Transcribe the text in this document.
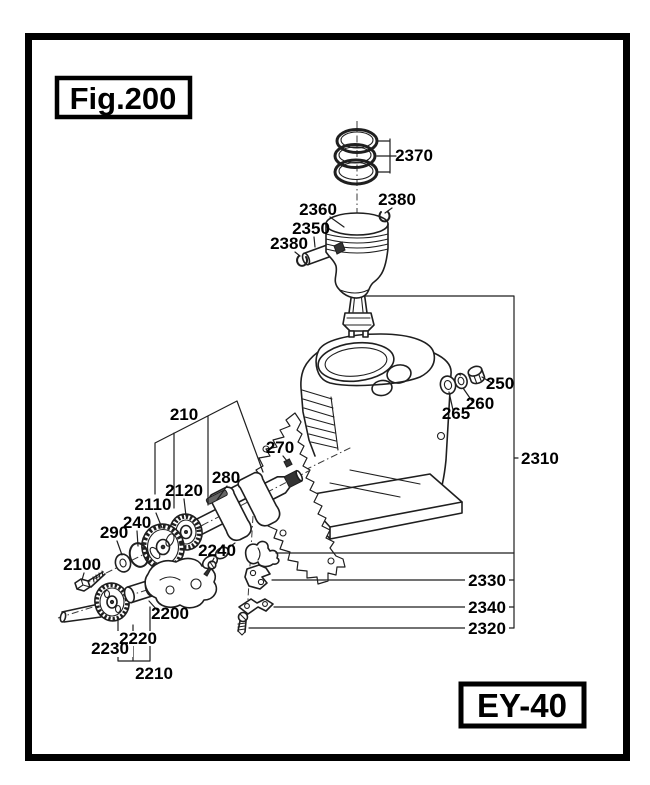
2370
2380
2360
2350
2380
250
260
265
2310
210
270
280
2120
2110
240
290
2100
2240
2200
2220
2230
2210
2330
2340
2320
Fig.200
EY-40
